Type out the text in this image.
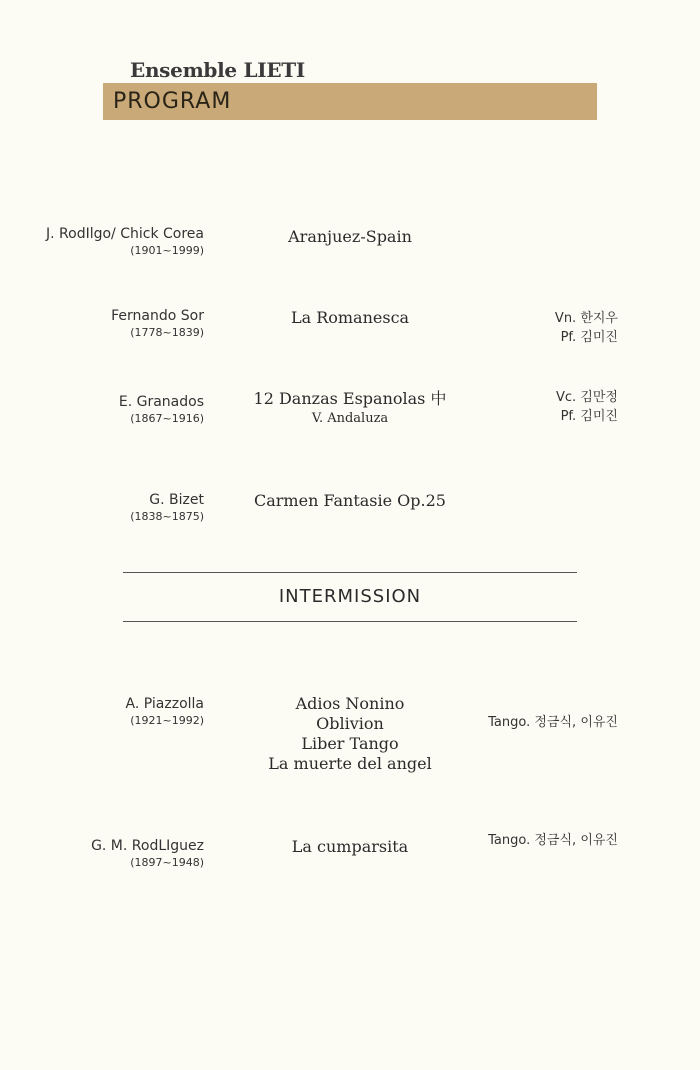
Ensemble LIETI
PROGRAM
J. RodIlgo/ Chick Corea
(1901~1999)
Aranjuez-Spain
Fernando Sor
(1778~1839)
La Romanesca	Vn. 한지우
Pf. 김미진
E. Granados
(1867~1916)
12 Danzas Espanolas 中
V. Andaluza
Vc. 김만정
Pf. 김미진
G. Bizet
(1838~1875)
Carmen Fantasie Op.25
INTERMISSION
A. Piazzolla
(1921~1992)
Adios Nonino
Oblivion
Liber Tango
La muerte del angel
Tango. 정금식, 이유진
G. M. RodLIguez
(1897~1948)
La cumparsita	Tango. 정금식, 이유진
